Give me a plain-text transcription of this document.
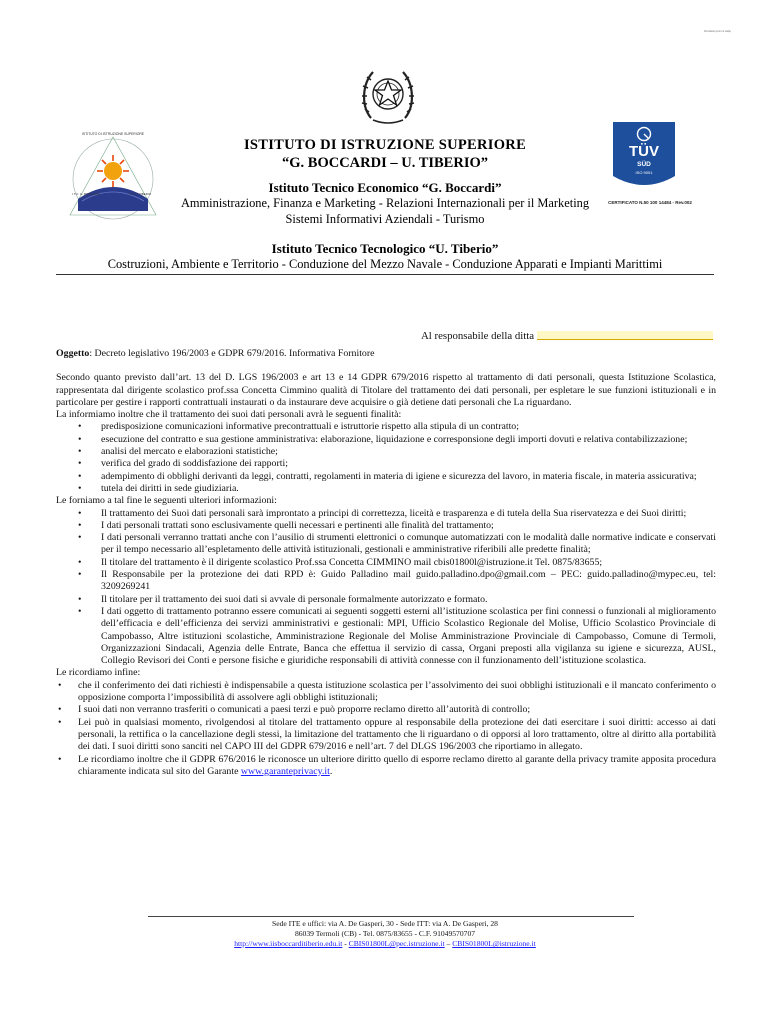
Document protocol stamp
ISTITUTO DI ISTRUZIONE SUPERIORE
I.T.C. G. BOCCARDI	I.T.I. U. TIBERIO
TÜV
SÜD
ISO 9001
CERTIFICATO N.50 100 14484 - Rev.002
ISTITUTO DI ISTRUZIONE SUPERIORE
“G. BOCCARDI – U. TIBERIO”
Istituto Tecnico Economico “G. Boccardi”
Amministrazione, Finanza e Marketing - Relazioni Internazionali per il Marketing
Sistemi Informativi Aziendali - Turismo
Istituto Tecnico Tecnologico “U. Tiberio”
Costruzioni, Ambiente e Territorio - Conduzione del Mezzo Navale - Conduzione Apparati e Impianti Marittimi
Al responsabile della ditta

Oggetto: Decreto legislativo 196/2003 e GDPR 679/2016. Informativa Fornitore

Secondo quanto previsto dall’art. 13 del D. LGS 196/2003 e art 13 e 14 GDPR 679/2016 rispetto al trattamento di dati personali, questa Istituzione Scolastica, rappresentata dal dirigente scolastico prof.ssa Concetta Cimmino qualità di Titolare del trattamento dei dati personali, per espletare le sue funzioni istituzionali e in particolare per gestire i rapporti contrattuali instaurati o da instaurare deve acquisire o già detiene dati personali che La riguardano.

La informiamo inoltre che il trattamento dei suoi dati personali avrà le seguenti finalità:

• predisposizione comunicazioni informative precontrattuali e istruttorie rispetto alla stipula di un contratto;
• esecuzione del contratto e sua gestione amministrativa: elaborazione, liquidazione e corresponsione degli importi dovuti e relativa contabilizzazione;
• analisi del mercato e elaborazioni statistiche;
• verifica del grado di soddisfazione dei rapporti;
• adempimento di obblighi derivanti da leggi, contratti, regolamenti in materia di igiene e sicurezza del lavoro, in materia fiscale, in materia assicurativa;
• tutela dei diritti in sede giudiziaria.

Le forniamo a tal fine le seguenti ulteriori informazioni:

• Il trattamento dei Suoi dati personali sarà improntato a principi di correttezza, liceità e trasparenza e di tutela della Sua riservatezza e dei Suoi diritti;
• I dati personali trattati sono esclusivamente quelli necessari e pertinenti alle finalità del trattamento;
• I dati personali verranno trattati anche con l’ausilio di strumenti elettronici o comunque automatizzati con le modalità dalle normative indicate e conservati per il tempo necessario all’espletamento delle attività istituzionali, gestionali e amministrative riferibili alle predette finalità;
• Il titolare del trattamento è il dirigente scolastico Prof.ssa Concetta CIMMINO mail cbis01800l@istruzione.it Tel. 0875/83655;
• Il Responsabile per la protezione dei dati RPD è: Guido Palladino mail guido.palladino.dpo@gmail.com – PEC: guido.palladino@mypec.eu, tel: 3209269241
• Il titolare per il trattamento dei suoi dati si avvale di personale formalmente autorizzato e formato.
• I dati oggetto di trattamento potranno essere comunicati ai seguenti soggetti esterni all’istituzione scolastica per fini connessi o funzionali al miglioramento dell’efficacia e dell’efficienza dei servizi amministrativi e gestionali: MPI, Ufficio Scolastico Regionale del Molise, Ufficio Scolastico Provinciale di Campobasso, Altre istituzioni scolastiche, Amministrazione Regionale del Molise Amministrazione Provinciale di Campobasso, Comune di Termoli, Organizzazioni Sindacali, Agenzia delle Entrate, Banca che effettua il servizio di cassa, Organi preposti alla vigilanza su igiene e sicurezza, AUSL, Collegio Revisori dei Conti e persone fisiche e giuridiche responsabili di attività connesse con il funzionamento dell’istituzione scolastica.

Le ricordiamo infine:

• che il conferimento dei dati richiesti è indispensabile a questa istituzione scolastica per l’assolvimento dei suoi obblighi istituzionali e il mancato conferimento o opposizione comporta l’impossibilità di assolvere agli obblighi istituzionali;
• I suoi dati non verranno trasferiti o comunicati a paesi terzi e può proporre reclamo diretto all’autorità di controllo;
• Lei può in qualsiasi momento, rivolgendosi al titolare del trattamento oppure al responsabile della protezione dei dati esercitare i suoi diritti: accesso ai dati personali, la rettifica o la cancellazione degli stessi, la limitazione del trattamento che li riguardano o di opporsi al loro trattamento, oltre al diritto alla portabilità dei dati. I suoi diritti sono sanciti nel CAPO III del GDPR 679/2016 e nell’art. 7 del DLGS 196/2003 che riportiamo in allegato.
• Le ricordiamo inoltre che il GDPR 676/2016 le riconosce un ulteriore diritto quello di esporre reclamo diretto al garante della privacy tramite apposita procedura chiaramente indicata sul sito del Garante www.garanteprivacy.it.
Sede ITE e uffici: via A. De Gasperi, 30 - Sede ITT: via A. De Gasperi, 28
86039 Termoli (CB) - Tel. 0875/83655 - C.F. 91049570707
http://www.iisboccarditiberio.edu.it - CBIS01800L@pec.istruzione.it – CBIS01800L@istruzione.it
